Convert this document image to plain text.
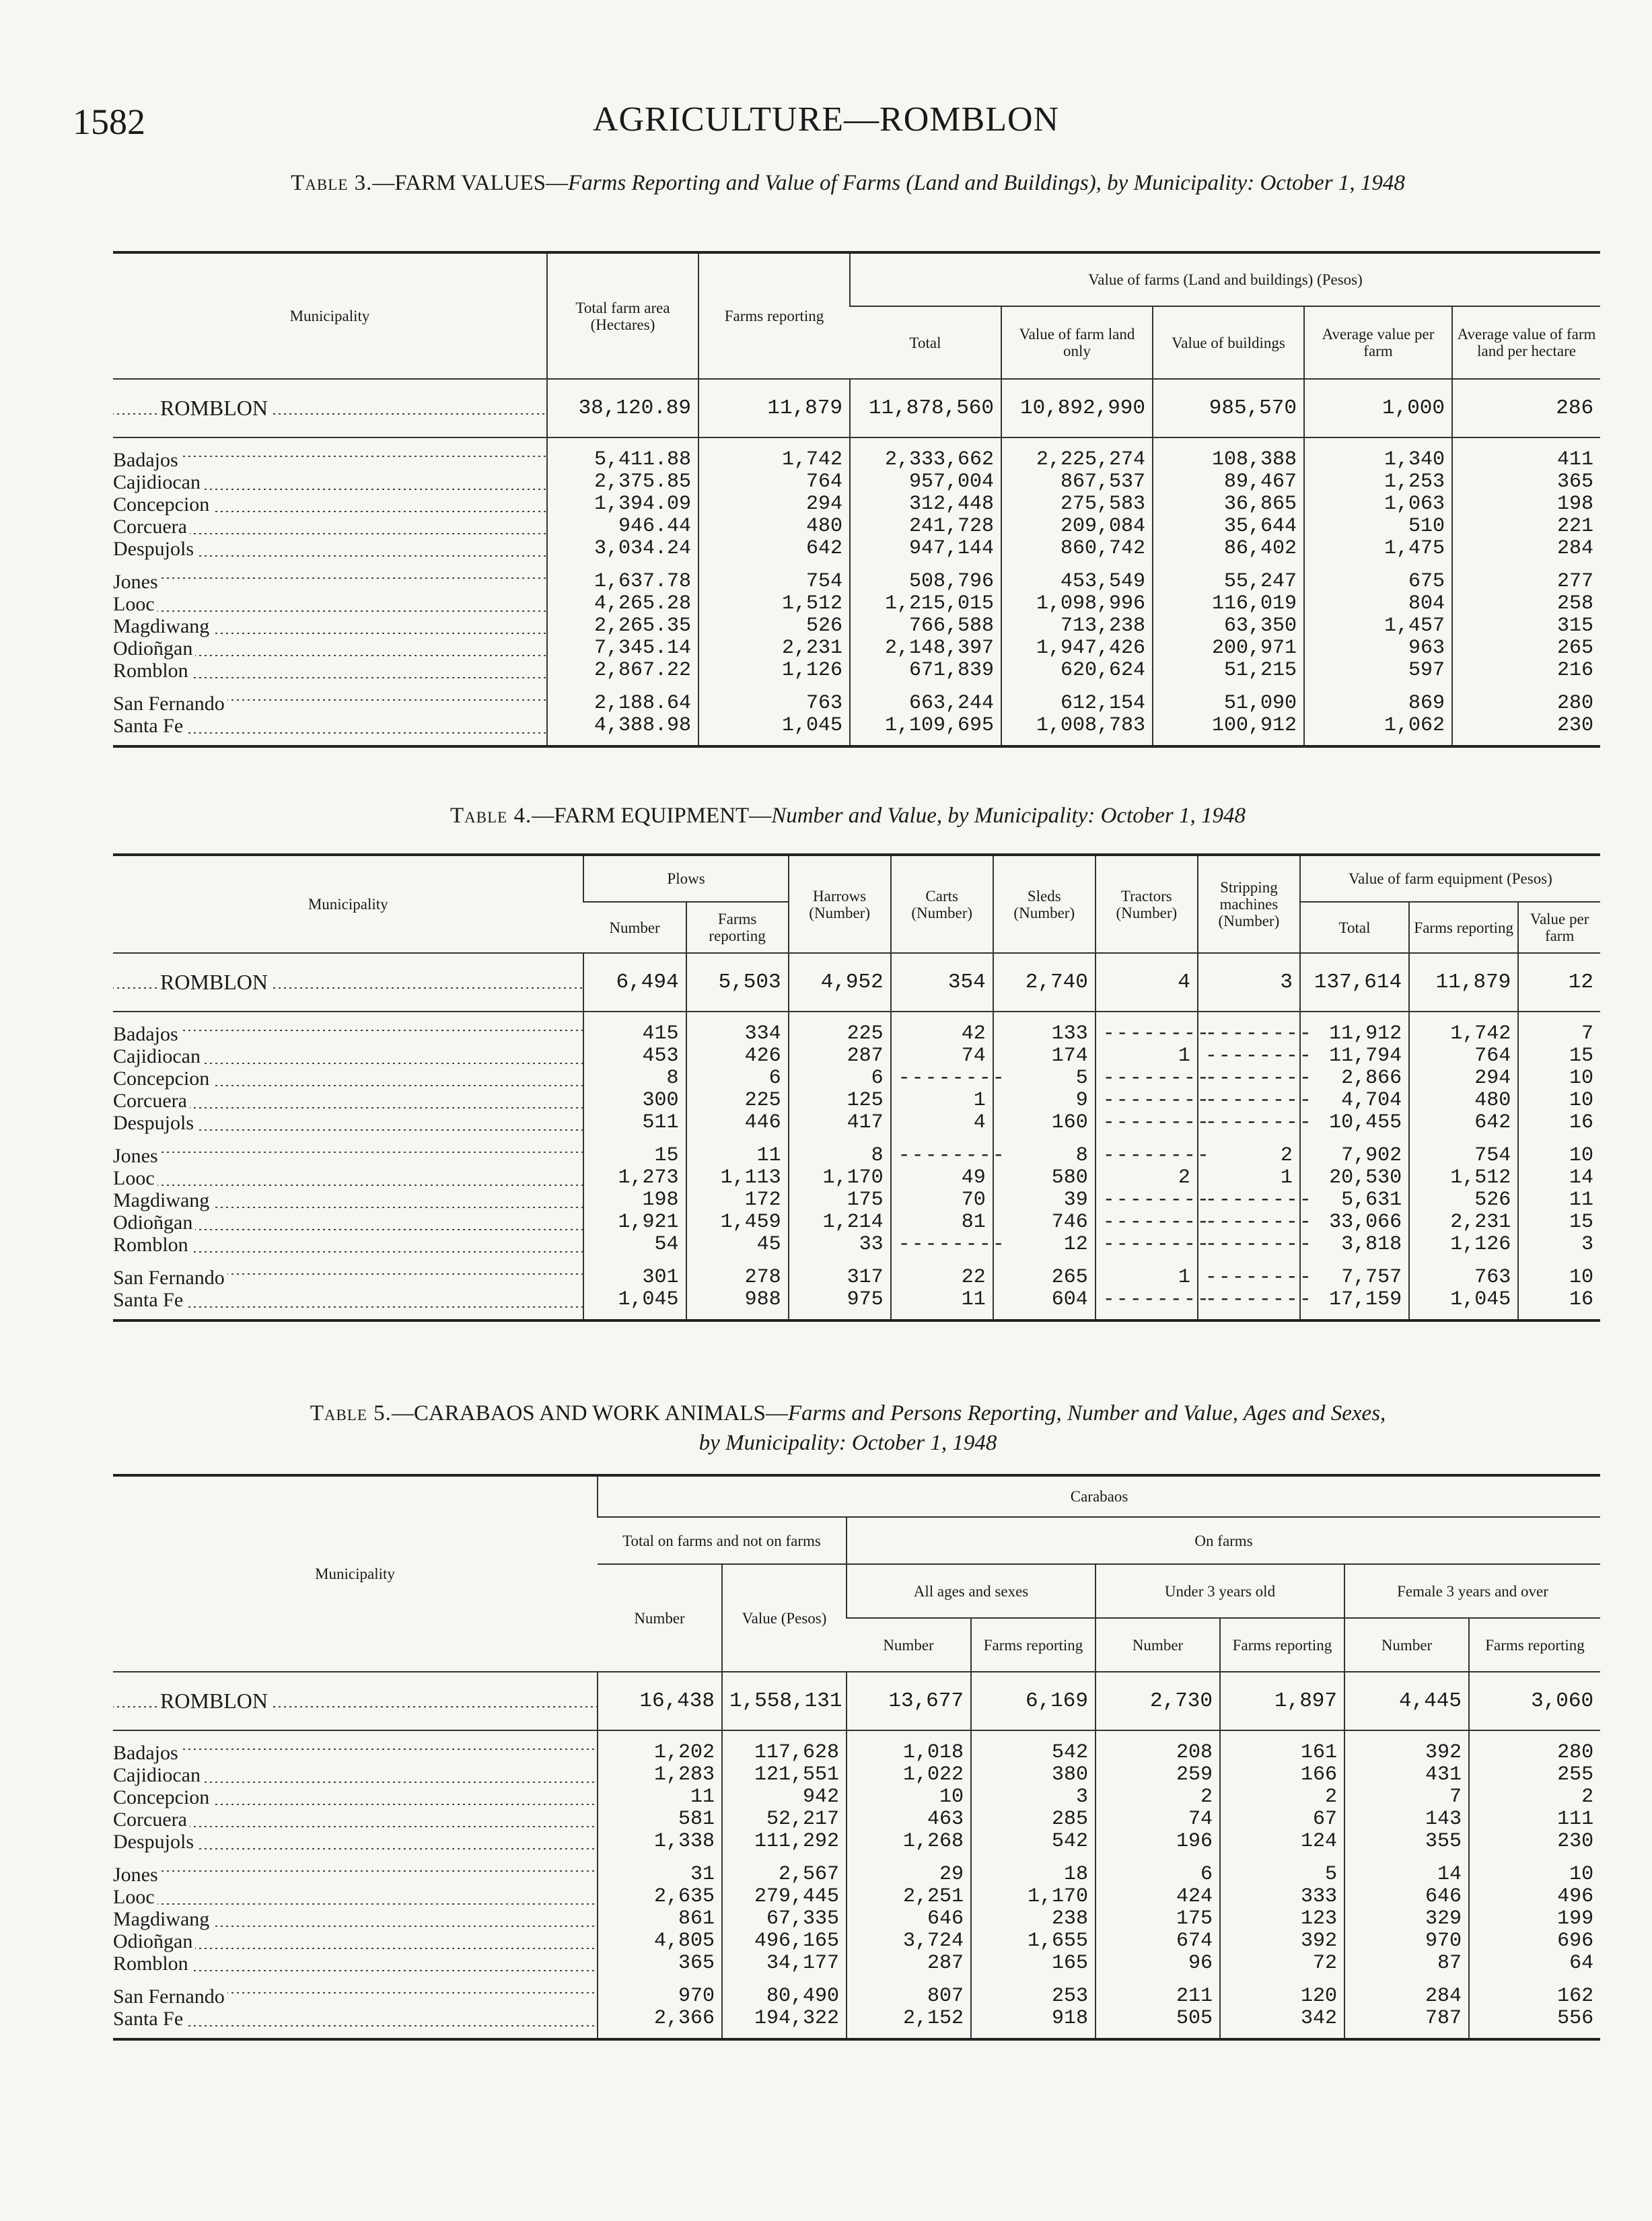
1582	AGRICULTURE—ROMBLON
Table 3.—FARM VALUES—Farms Reporting and Value of Farms (Land and Buildings), by Municipality: October 1, 1948
Municipality	Total farm area (Hectares)	Farms reporting	Value of farms (Land and buildings) (Pesos)				
			Total	Value of farm land only	Value of buildings	Average value per farm	Average value of farm land per hectare
ROMBLON	38,120.89	11,879	11,878,560	10,892,990	985,570	1,000	286
Badajos	5,411.88	1,742	2,333,662	2,225,274	108,388	1,340	411
Cajidiocan	2,375.85	764	957,004	867,537	89,467	1,253	365
Concepcion	1,394.09	294	312,448	275,583	36,865	1,063	198
Corcuera	946.44	480	241,728	209,084	35,644	510	221
Despujols	3,034.24	642	947,144	860,742	86,402	1,475	284
Jones	1,637.78	754	508,796	453,549	55,247	675	277
Looc	4,265.28	1,512	1,215,015	1,098,996	116,019	804	258
Magdiwang	2,265.35	526	766,588	713,238	63,350	1,457	315
Odioñgan	7,345.14	2,231	2,148,397	1,947,426	200,971	963	265
Romblon	2,867.22	1,126	671,839	620,624	51,215	597	216
San Fernando	2,188.64	763	663,244	612,154	51,090	869	280
Santa Fe	4,388.98	1,045	1,109,695	1,008,783	100,912	1,062	230
Table 4.—FARM EQUIPMENT—Number and Value, by Municipality: October 1, 1948
Municipality	Plows		Harrows (Number)	Carts (Number)	Sleds (Number)	Tractors (Number)	Stripping machines (Number)	Value of farm equipment (Pesos)		
	Number	Farms reporting						Total	Farms reporting	Value per farm
ROMBLON	6,494	5,503	4,952	354	2,740	4	3	137,614	11,879	12
Badajos	415	334	225	42	133	--------	--------	11,912	1,742	7
Cajidiocan	453	426	287	74	174	1	--------	11,794	764	15
Concepcion	8	6	6	--------	5	--------	--------	2,866	294	10
Corcuera	300	225	125	1	9	--------	--------	4,704	480	10
Despujols	511	446	417	4	160	--------	--------	10,455	642	16
Jones	15	11	8	--------	8	--------	2	7,902	754	10
Looc	1,273	1,113	1,170	49	580	2	1	20,530	1,512	14
Magdiwang	198	172	175	70	39	--------	--------	5,631	526	11
Odioñgan	1,921	1,459	1,214	81	746	--------	--------	33,066	2,231	15
Romblon	54	45	33	--------	12	--------	--------	3,818	1,126	3
San Fernando	301	278	317	22	265	1	--------	7,757	763	10
Santa Fe	1,045	988	975	11	604	--------	--------	17,159	1,045	16
Table 5.—CARABAOS AND WORK ANIMALS—Farms and Persons Reporting, Number and Value, Ages and Sexes,
by Municipality: October 1, 1948
Municipality	Carabaos							
	Total on farms and not on farms		On farms					
	Number	Value (Pesos)	All ages and sexes		Under 3 years old		Female 3 years and over	
			Number	Farms reporting	Number	Farms reporting	Number	Farms reporting
ROMBLON	16,438	1,558,131	13,677	6,169	2,730	1,897	4,445	3,060
Badajos	1,202	117,628	1,018	542	208	161	392	280
Cajidiocan	1,283	121,551	1,022	380	259	166	431	255
Concepcion	11	942	10	3	2	2	7	2
Corcuera	581	52,217	463	285	74	67	143	111
Despujols	1,338	111,292	1,268	542	196	124	355	230
Jones	31	2,567	29	18	6	5	14	10
Looc	2,635	279,445	2,251	1,170	424	333	646	496
Magdiwang	861	67,335	646	238	175	123	329	199
Odioñgan	4,805	496,165	3,724	1,655	674	392	970	696
Romblon	365	34,177	287	165	96	72	87	64
San Fernando	970	80,490	807	253	211	120	284	162
Santa Fe	2,366	194,322	2,152	918	505	342	787	556
